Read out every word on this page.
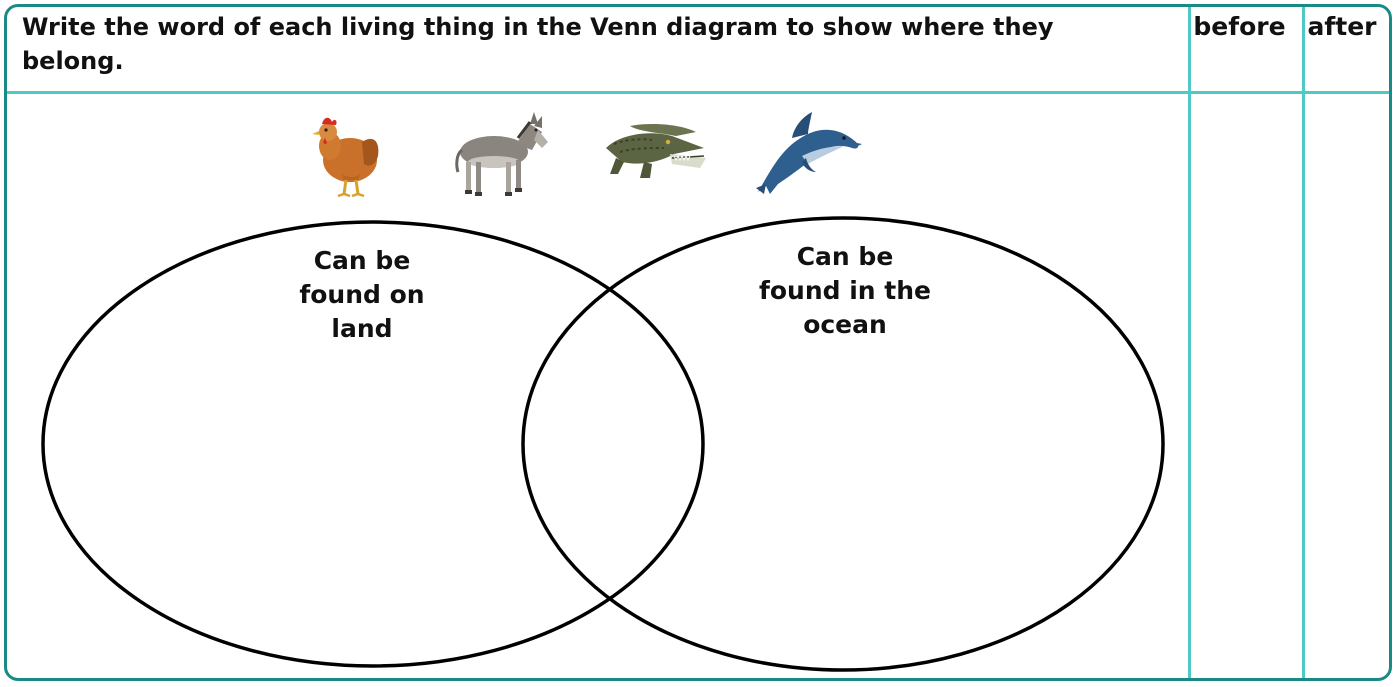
Write the word of each living thing in the Venn diagram to show where they belong.
before after
Can be
found on
land
Can be
found in the
ocean
